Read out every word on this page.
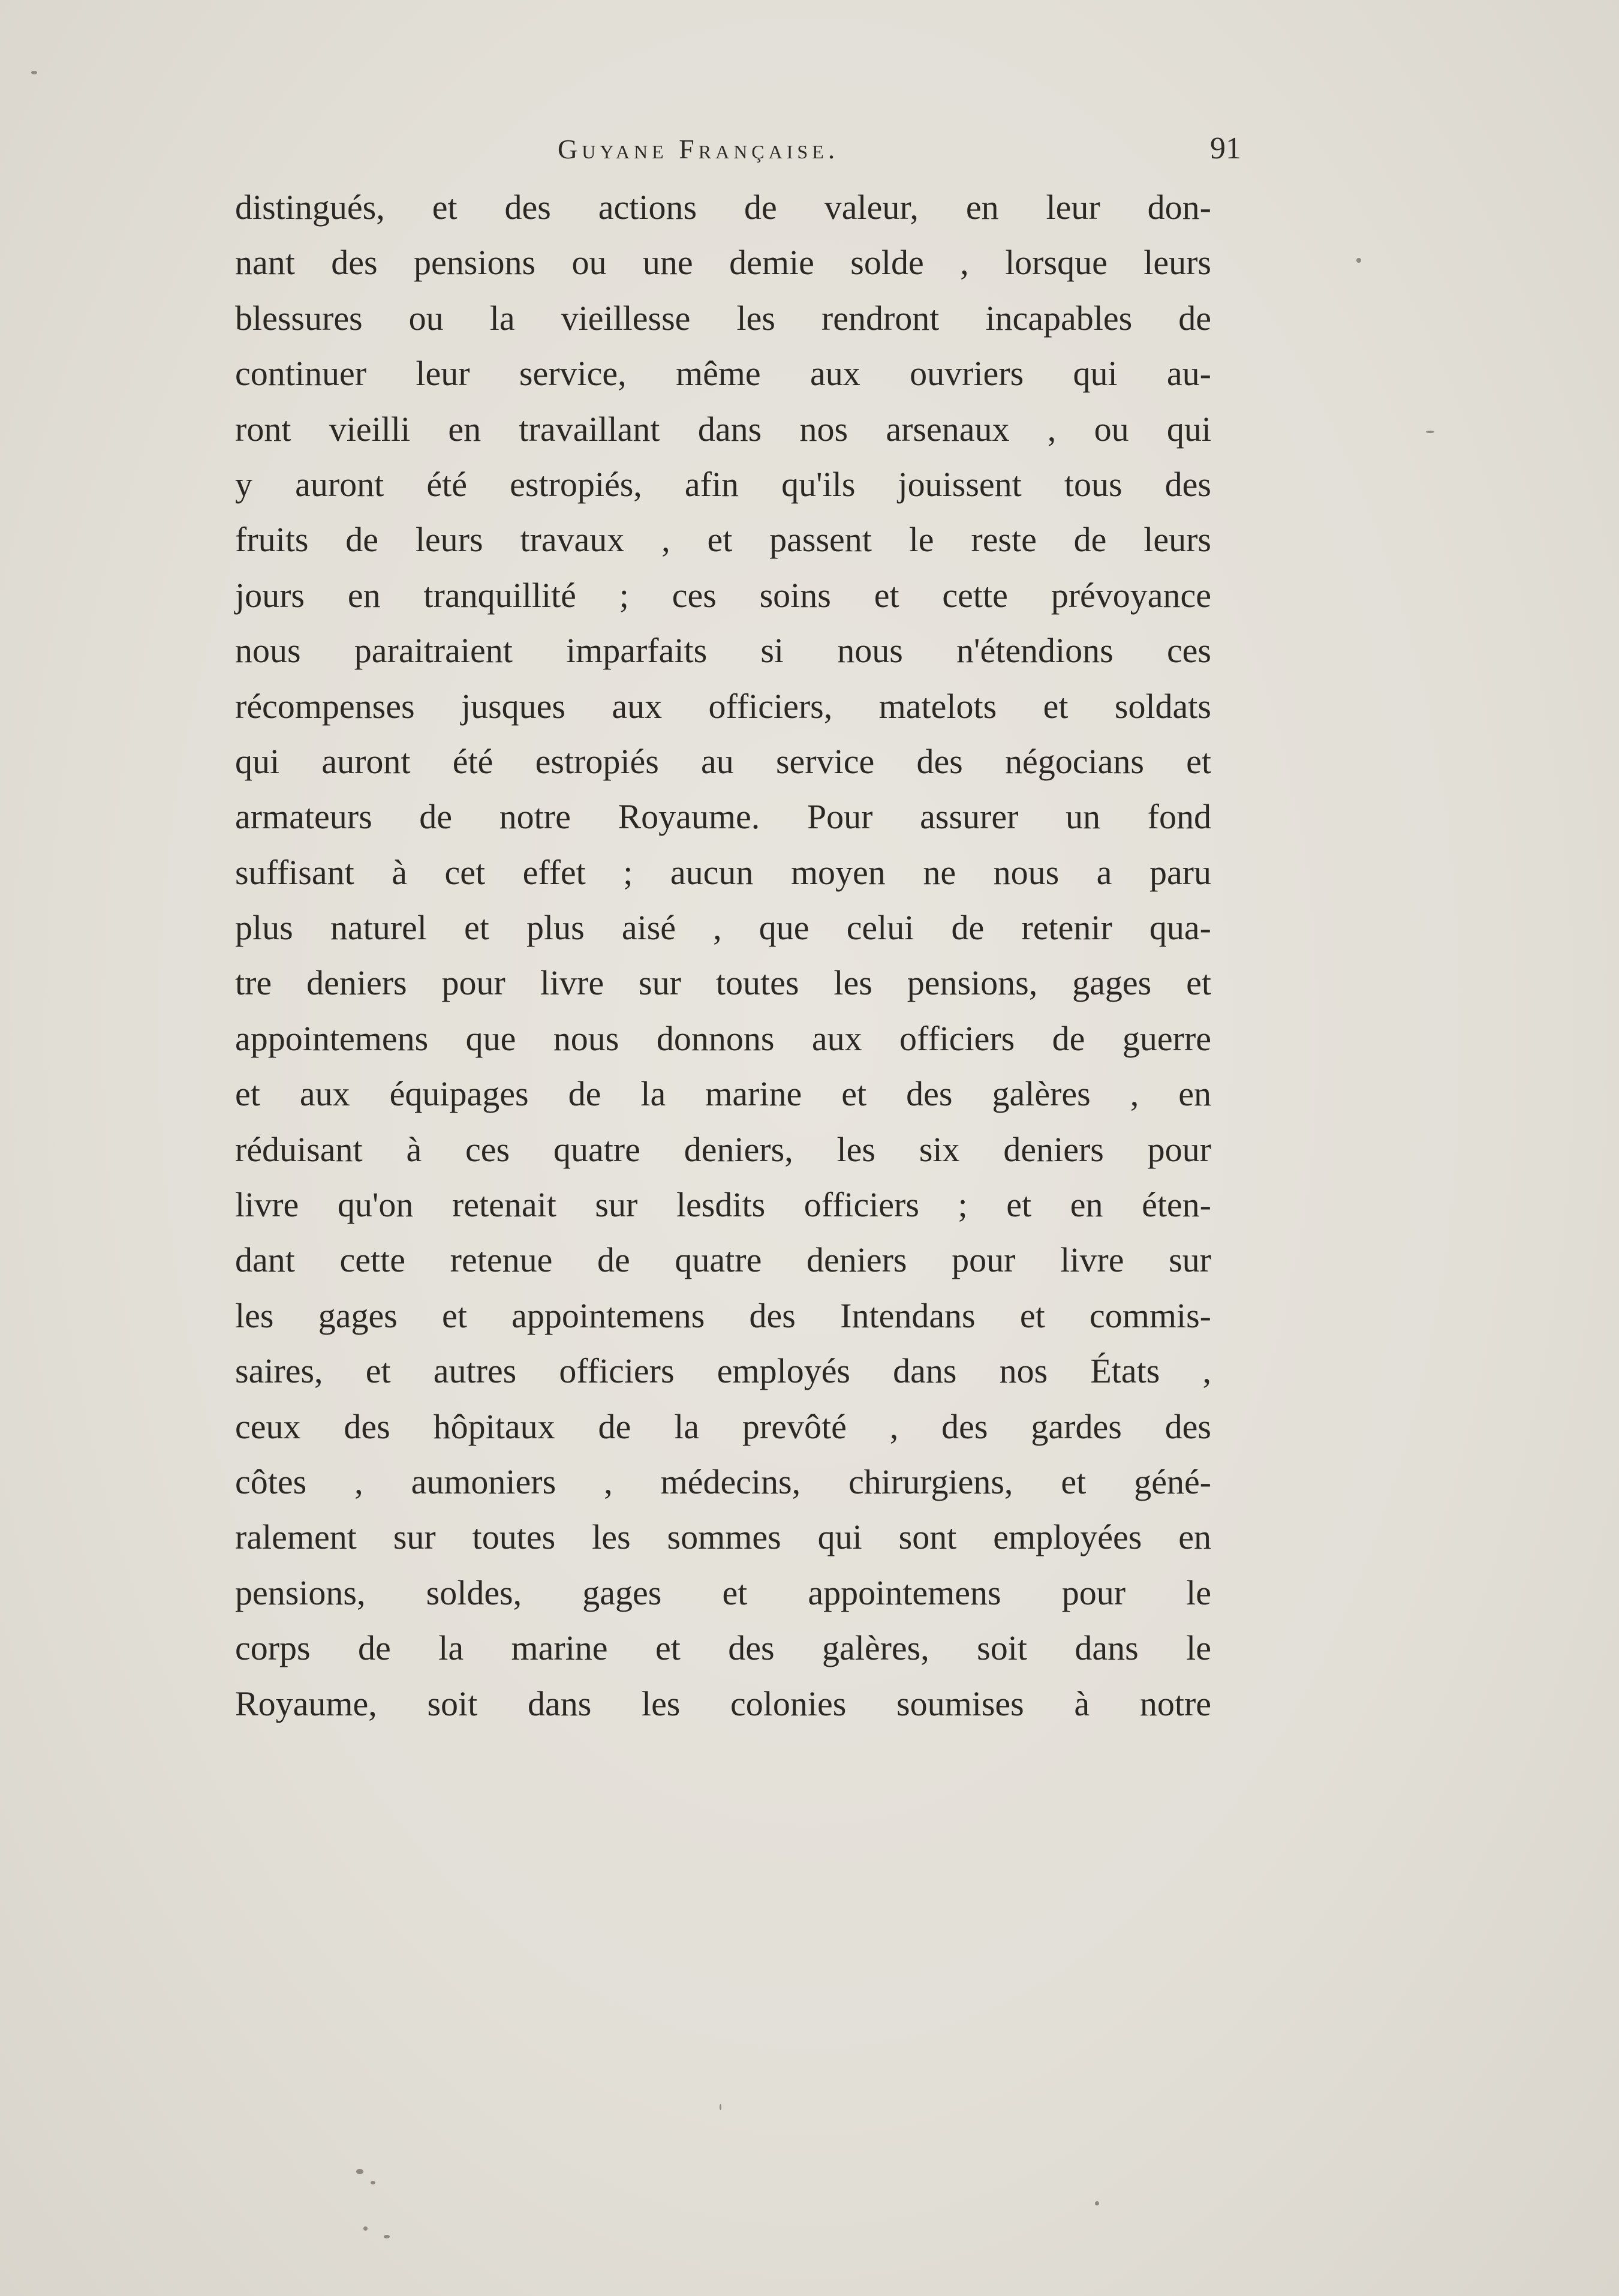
Guyane Française.	91
distingués, et des actions de valeur, en leur don-
nant des pensions ou une demie solde , lorsque leurs
blessures ou la vieillesse les rendront incapables de
continuer leur service, même aux ouvriers qui au-
ront vieilli en travaillant dans nos arsenaux , ou qui
y auront été estropiés, afin qu'ils jouissent tous des
fruits de leurs travaux , et passent le reste de leurs
jours en tranquillité ; ces soins et cette prévoyance
nous paraitraient imparfaits si nous n'étendions ces
récompenses jusques aux officiers, matelots et soldats
qui auront été estropiés au service des négocians et
armateurs de notre Royaume. Pour assurer un fond
suffisant à cet effet ; aucun moyen ne nous a paru
plus naturel et plus aisé , que celui de retenir qua-
tre deniers pour livre sur toutes les pensions, gages et
appointemens que nous donnons aux officiers de guerre
et aux équipages de la marine et des galères , en
réduisant à ces quatre deniers, les six deniers pour
livre qu'on retenait sur lesdits officiers ; et en éten-
dant cette retenue de quatre deniers pour livre sur
les gages et appointemens des Intendans et commis-
saires, et autres officiers employés dans nos États ,
ceux des hôpitaux de la prevôté , des gardes des
côtes , aumoniers , médecins, chirurgiens, et géné-
ralement sur toutes les sommes qui sont employées en
pensions, soldes, gages et appointemens pour le
corps de la marine et des galères, soit dans le
Royaume, soit dans les colonies soumises à notre
